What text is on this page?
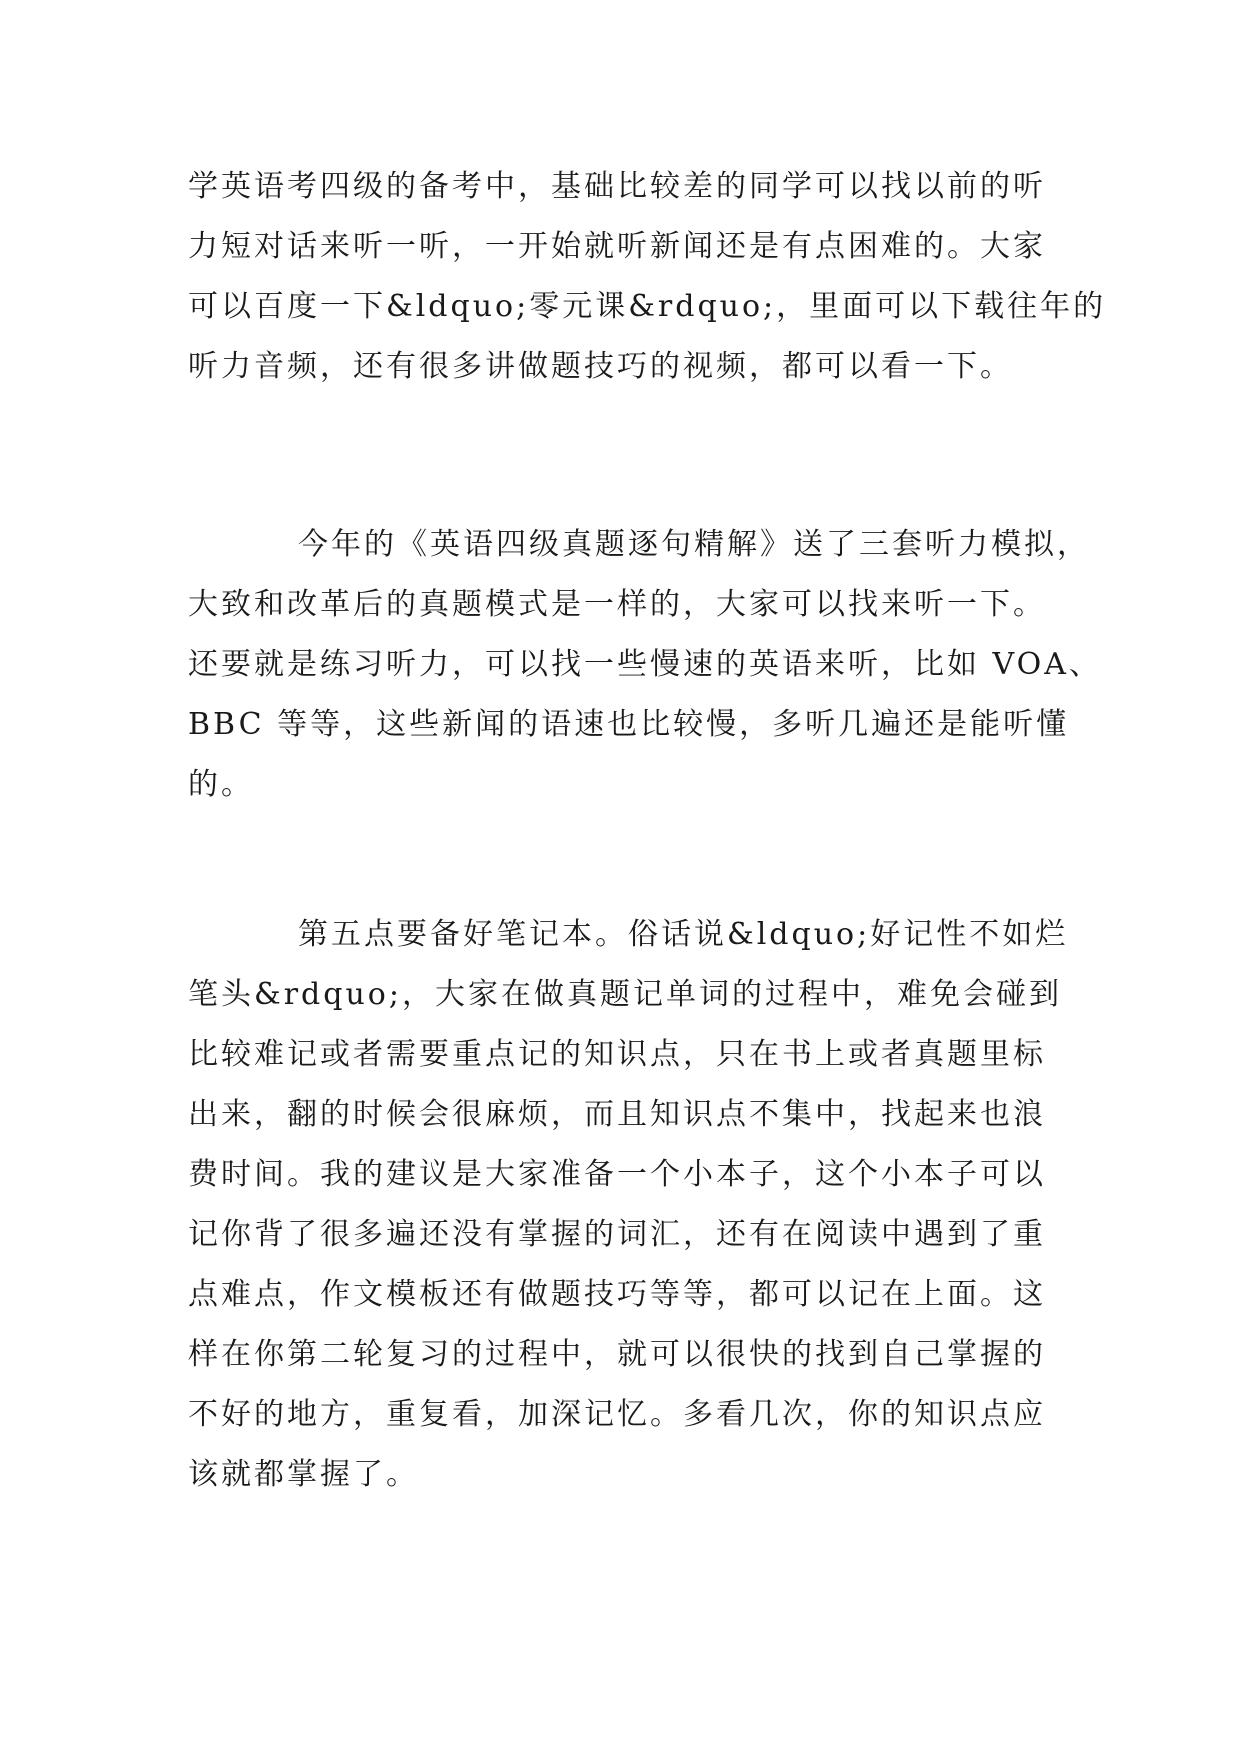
学英语考四级的备考中，基础比较差的同学可以找以前的听
力短对话来听一听，一开始就听新闻还是有点困难的。大家
可以百度一下&ldquo;零元课&rdquo;，里面可以下载往年的
听力音频，还有很多讲做题技巧的视频，都可以看一下。
今年的《英语四级真题逐句精解》送了三套听力模拟，
大致和改革后的真题模式是一样的，大家可以找来听一下。
还要就是练习听力，可以找一些慢速的英语来听，比如 VOA、
BBC 等等，这些新闻的语速也比较慢，多听几遍还是能听懂
的。
第五点要备好笔记本。俗话说&ldquo;好记性不如烂
笔头&rdquo;，大家在做真题记单词的过程中，难免会碰到
比较难记或者需要重点记的知识点，只在书上或者真题里标
出来，翻的时候会很麻烦，而且知识点不集中，找起来也浪
费时间。我的建议是大家准备一个小本子，这个小本子可以
记你背了很多遍还没有掌握的词汇，还有在阅读中遇到了重
点难点，作文模板还有做题技巧等等，都可以记在上面。这
样在你第二轮复习的过程中，就可以很快的找到自己掌握的
不好的地方，重复看，加深记忆。多看几次，你的知识点应
该就都掌握了。
